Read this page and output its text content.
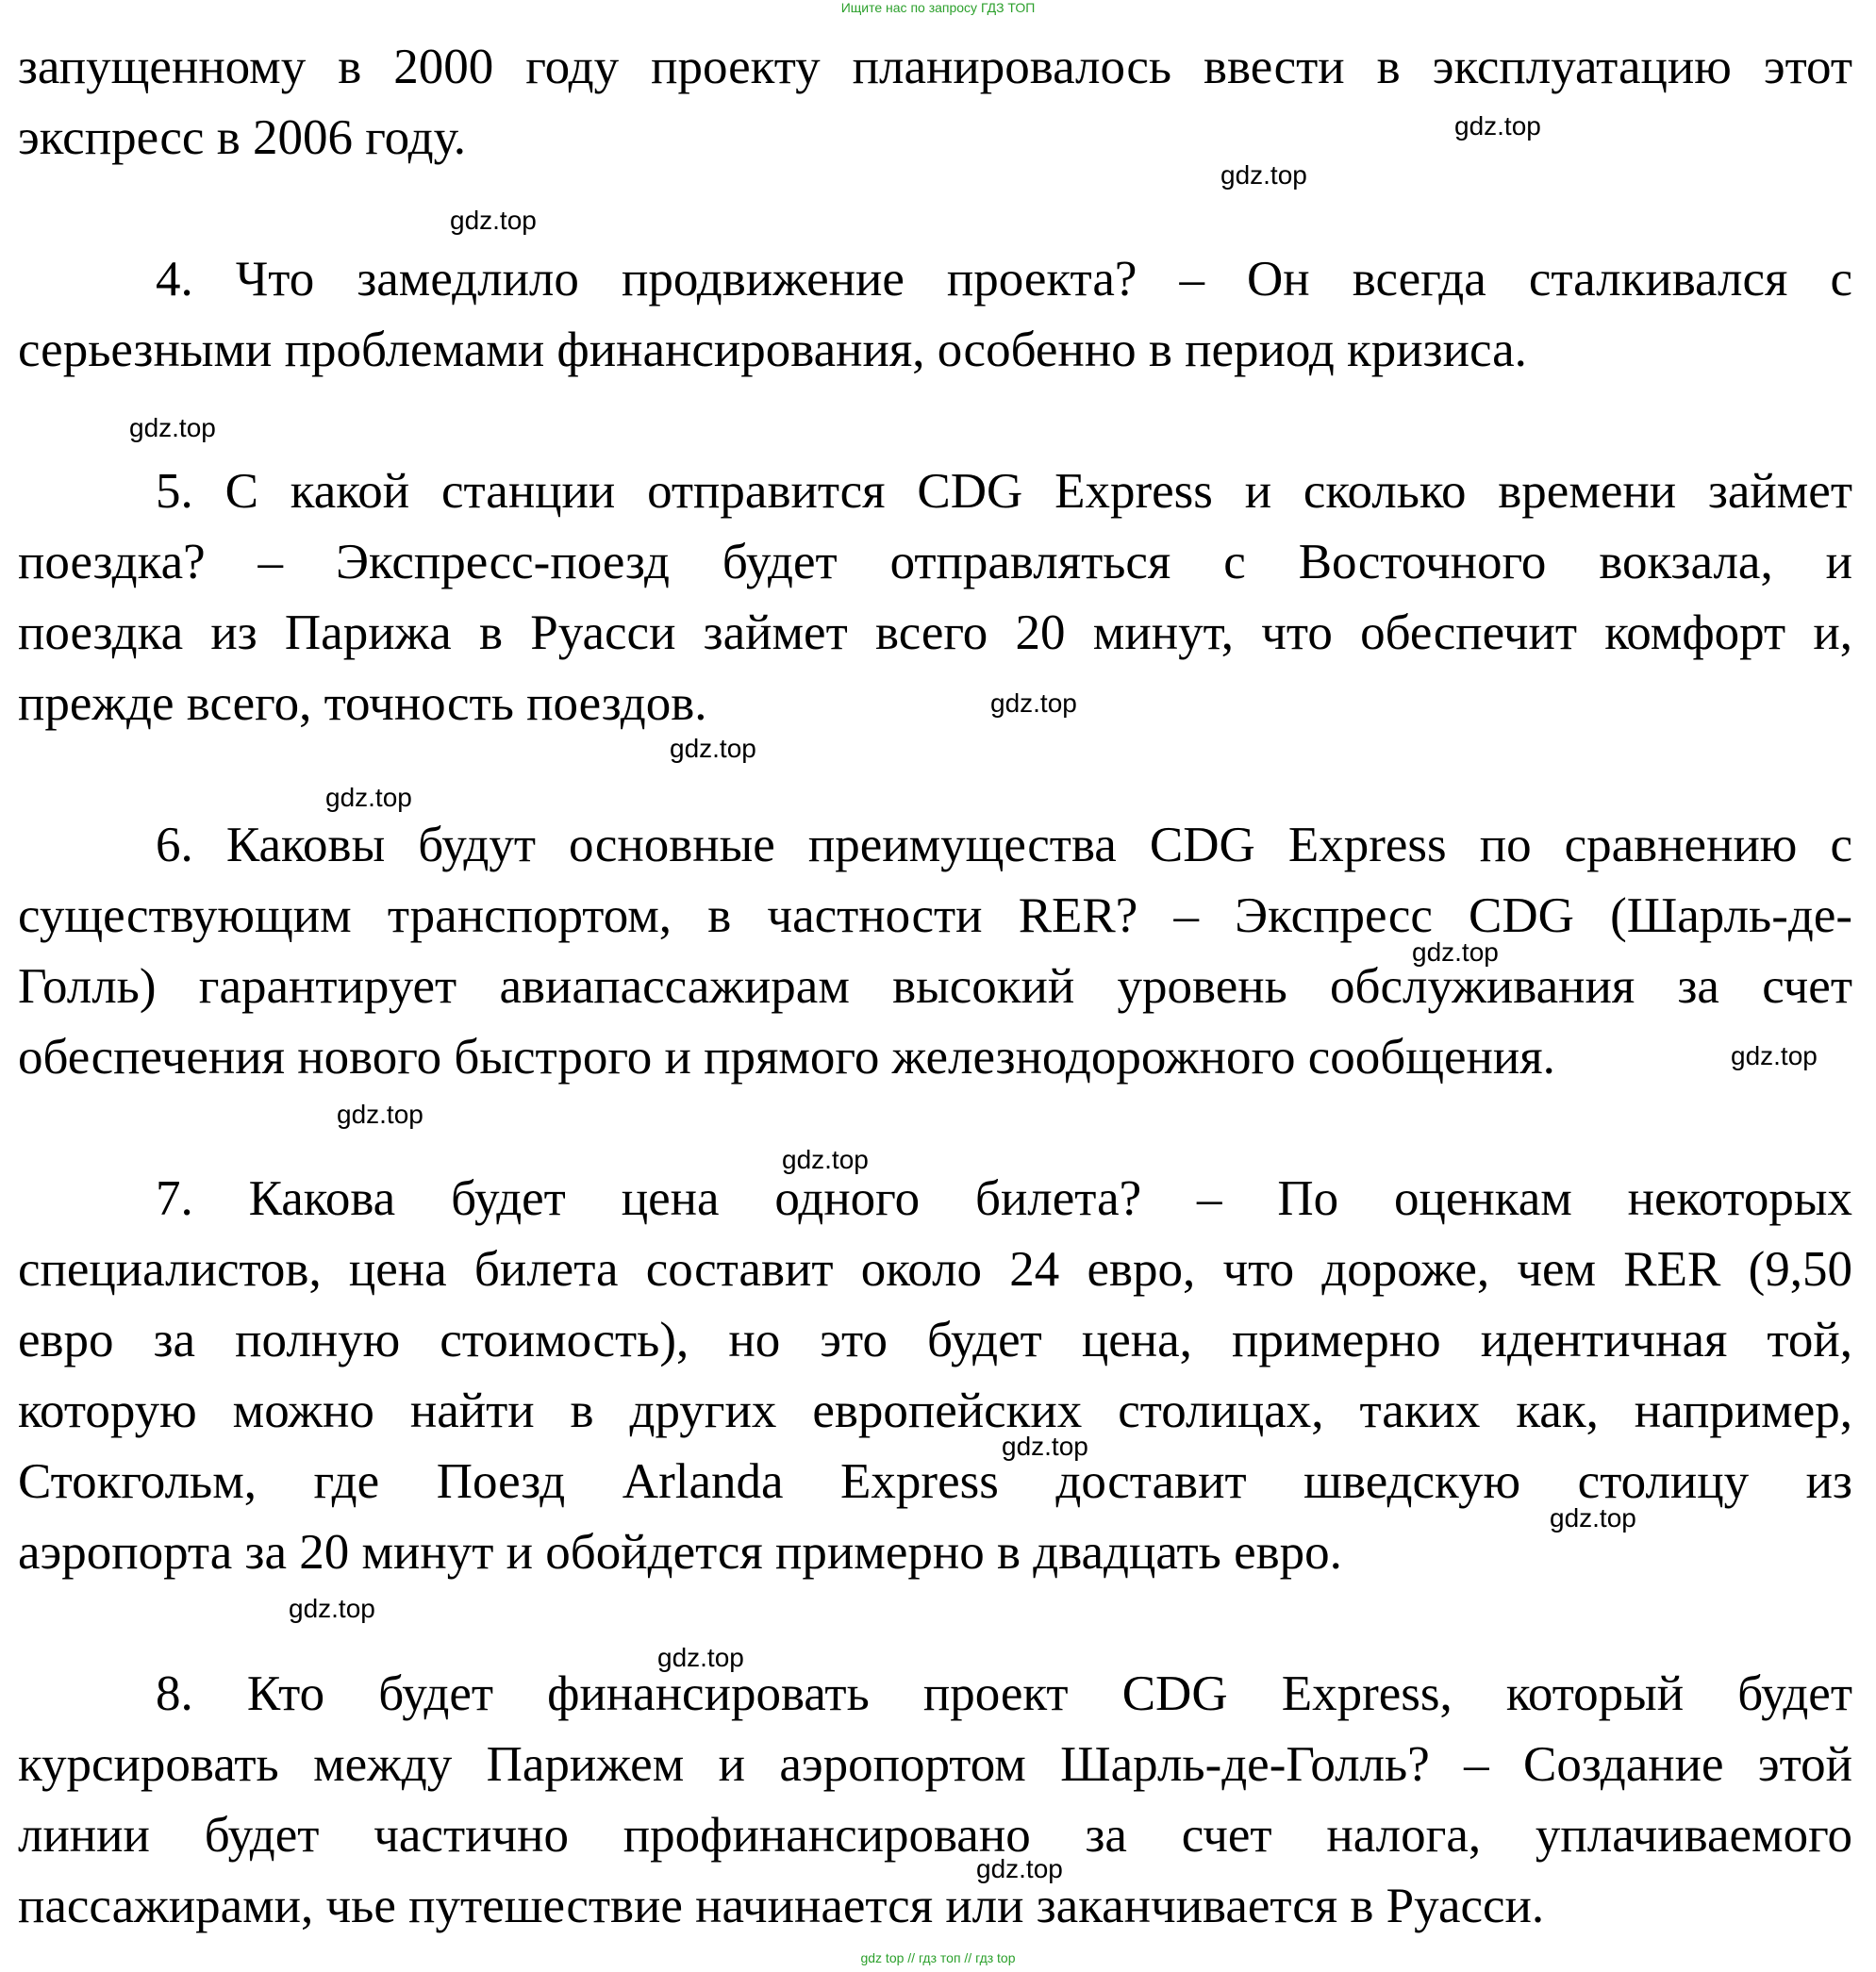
Ищите нас по запросу ГДЗ ТОП
запущенному в 2000 году проекту планировалось ввести в эксплуатацию этот
экспресс в 2006 году.
4. Что замедлило продвижение проекта? – Он всегда сталкивался с
серьезными проблемами финансирования, особенно в период кризиса.
5. С какой станции отправится CDG Express и сколько времени займет
поездка? – Экспресс-поезд будет отправляться с Восточного вокзала, и
поездка из Парижа в Руасси займет всего 20 минут, что обеспечит комфорт и,
прежде всего, точность поездов.
6. Каковы будут основные преимущества CDG Express по сравнению с
существующим транспортом, в частности RER? – Экспресс CDG (Шарль-де-
Голль) гарантирует авиапассажирам высокий уровень обслуживания за счет
обеспечения нового быстрого и прямого железнодорожного сообщения.
7. Какова будет цена одного билета? – По оценкам некоторых
специалистов, цена билета составит около 24 евро, что дороже, чем RER (9,50
евро за полную стоимость), но это будет цена, примерно идентичная той,
которую можно найти в других европейских столицах, таких как, например,
Стокгольм, где Поезд Arlanda Express доставит шведскую столицу из
аэропорта за 20 минут и обойдется примерно в двадцать евро.
8. Кто будет финансировать проект CDG Express, который будет
курсировать между Парижем и аэропортом Шарль-де-Голль? – Создание этой
линии будет частично профинансировано за счет налога, уплачиваемого
пассажирами, чье путешествие начинается или заканчивается в Руасси.
gdz.top
gdz.top
gdz.top
gdz.top
gdz.top
gdz.top
gdz.top
gdz.top
gdz.top
gdz.top
gdz.top
gdz.top
gdz.top
gdz.top
gdz.top
gdz.top
gdz top // гдз топ // гдз top
